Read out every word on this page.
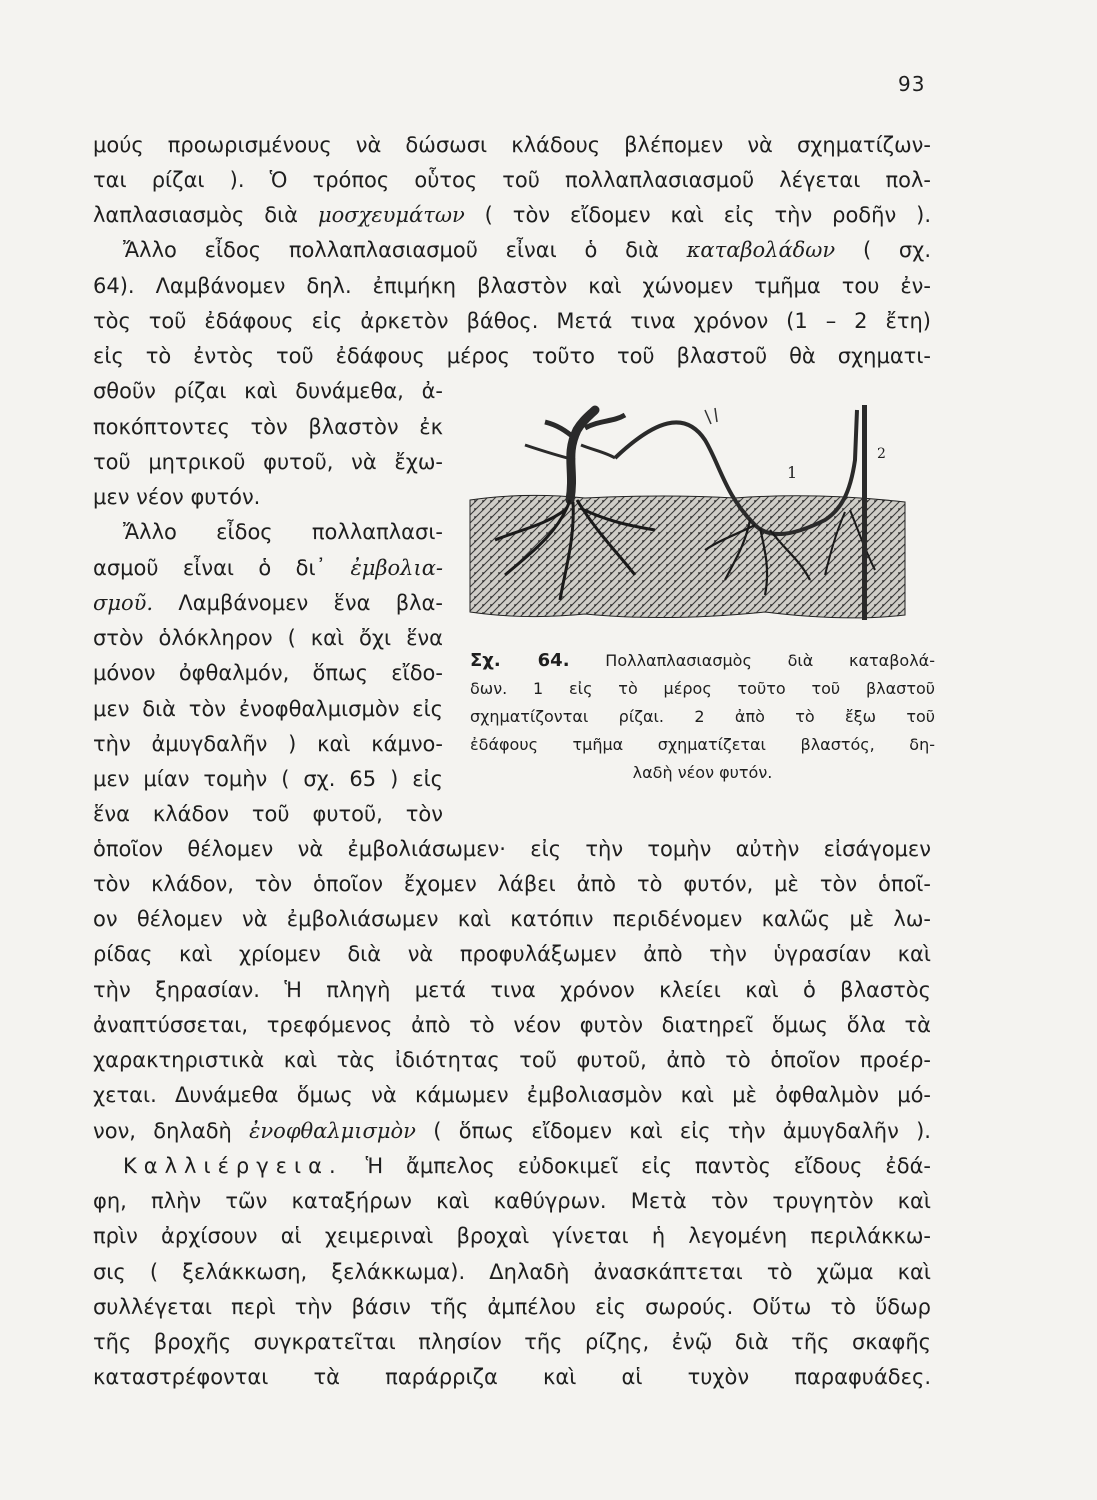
93
μούς προωρισμένους νὰ δώσωσι κλάδους βλέπομεν νὰ σχηματίζων-
ται ρίζαι ). Ὁ τρόπος οὗτος τοῦ πολλαπλασιασμοῦ λέγεται πολ-
λαπλασιασμὸς διὰ μοσχευμάτων ( τὸν εἴδομεν καὶ εἰς τὴν ροδῆν ).
Ἄλλο εἶδος πολλαπλασιασμοῦ εἶναι ὁ διὰ καταβολάδων ( σχ.
64). Λαμβάνομεν δηλ. ἐπιμήκη βλαστὸν καὶ χώνομεν τμῆμα του ἐν-
τὸς τοῦ ἐδάφους εἰς ἀρκετὸν βάθος. Μετά τινα χρόνον (1 – 2 ἔτη)
εἰς τὸ ἐντὸς τοῦ ἐδάφους μέρος τοῦτο τοῦ βλαστοῦ θὰ σχηματι-
σθοῦν ρίζαι καὶ δυνάμεθα, ἀ-
ποκόπτοντες τὸν βλαστὸν ἐκ
τοῦ μητρικοῦ φυτοῦ, νὰ ἔχω-
μεν νέον φυτόν.
Ἄλλο εἶδος πολλαπλασι-
ασμοῦ εἶναι ὁ δι᾿ ἐμβολια-
σμοῦ. Λαμβάνομεν ἕνα βλα-
στὸν ὁλόκληρον ( καὶ ὄχι ἕνα
μόνον ὀφθαλμόν, ὅπως εἴδο-
μεν διὰ τὸν ἐνοφθαλμισμὸν εἰς
τὴν ἀμυγδαλῆν ) καὶ κάμνο-
μεν μίαν τομὴν ( σχ. 65 ) εἰς
ἕνα κλάδον τοῦ φυτοῦ, τὸν
1
2
Σχ. 64. Πολλαπλασιασμὸς διὰ καταβολά-
δων. 1 εἰς τὸ μέρος τοῦτο τοῦ βλαστοῦ
σχηματίζονται ρίζαι. 2 ἀπὸ τὸ ἔξω τοῦ
ἐδάφους τμῆμα σχηματίζεται βλαστός, δη-
λαδὴ νέον φυτόν.
ὁποῖον θέλομεν νὰ ἐμβολιάσωμεν· εἰς τὴν τομὴν αὐτὴν εἰσάγομεν
τὸν κλάδον, τὸν ὁποῖον ἔχομεν λάβει ἀπὸ τὸ φυτόν, μὲ τὸν ὁποῖ-
ον θέλομεν νὰ ἐμβολιάσωμεν καὶ κατόπιν περιδένομεν καλῶς μὲ λω-
ρίδας καὶ χρίομεν διὰ νὰ προφυλάξωμεν ἀπὸ τὴν ὑγρασίαν καὶ
τὴν ξηρασίαν. Ἡ πληγὴ μετά τινα χρόνον κλείει καὶ ὁ βλαστὸς
ἀναπτύσσεται, τρεφόμενος ἀπὸ τὸ νέον φυτὸν διατηρεῖ ὅμως ὅλα τὰ
χαρακτηριστικὰ καὶ τὰς ἰδιότητας τοῦ φυτοῦ, ἀπὸ τὸ ὁποῖον προέρ-
χεται. Δυνάμεθα ὅμως νὰ κάμωμεν ἐμβολιασμὸν καὶ μὲ ὀφθαλμὸν μό-
νον, δηλαδὴ ἐνοφθαλμισμὸν ( ὅπως εἴδομεν καὶ εἰς τὴν ἀμυγδαλῆν ).
Καλλιέργεια. Ἡ ἄμπελος εὐδοκιμεῖ εἰς παντὸς εἴδους ἐδά-
φη, πλὴν τῶν καταξήρων καὶ καθύγρων. Μετὰ τὸν τρυγητὸν καὶ
πρὶν ἀρχίσουν αἱ χειμεριναὶ βροχαὶ γίνεται ἡ λεγομένη περιλάκκω-
σις ( ξελάκκωση, ξελάκκωμα). Δηλαδὴ ἀνασκάπτεται τὸ χῶμα καὶ
συλλέγεται περὶ τὴν βάσιν τῆς ἀμπέλου εἰς σωρούς. Οὕτω τὸ ὕδωρ
τῆς βροχῆς συγκρατεῖται πλησίον τῆς ρίζης, ἐνῷ διὰ τῆς σκαφῆς
καταστρέφονται τὰ παράρριζα καὶ αἱ τυχὸν παραφυάδες.
